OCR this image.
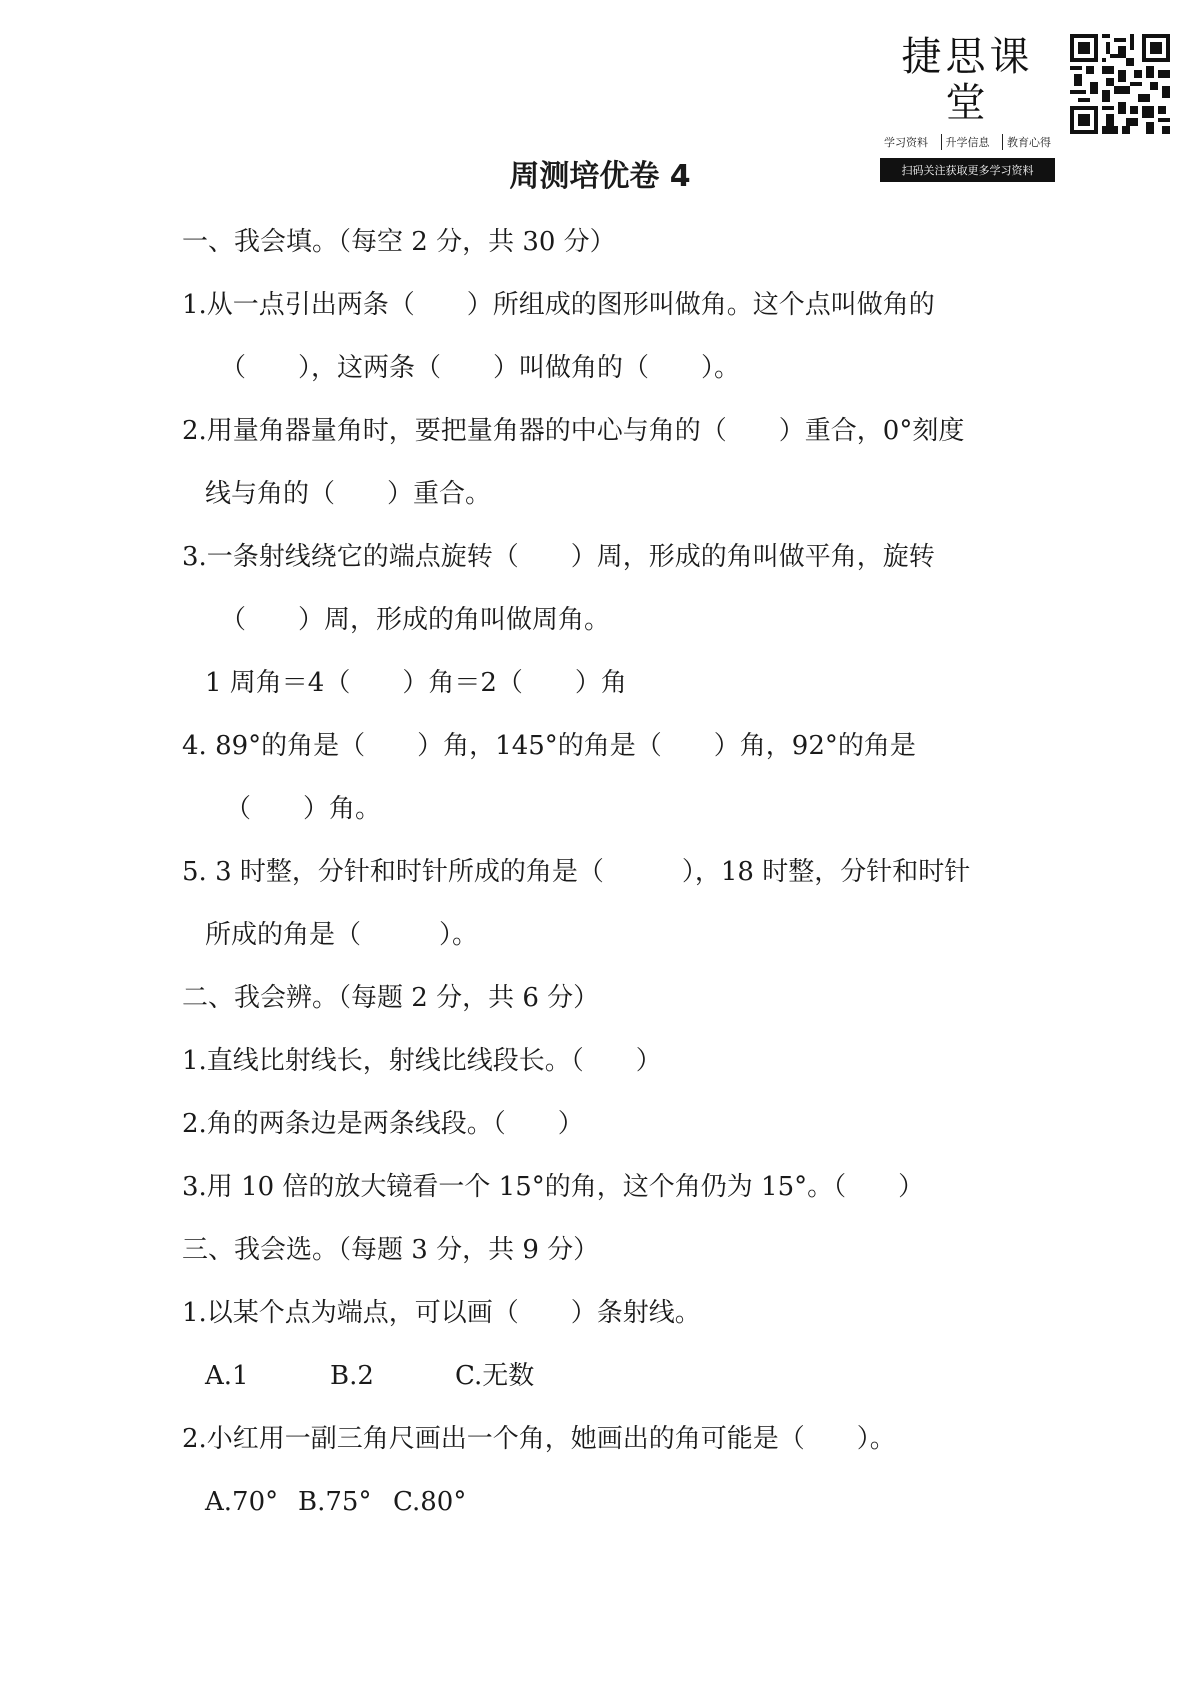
捷思课堂
学习资料	升学信息	教育心得
扫码关注获取更多学习资料
周测培优卷 4
一、我会填。（每空 2 分，共 30 分）
1.从一点引出两条（　　）所组成的图形叫做角。这个点叫做角的
（　　），这两条（　　）叫做角的（　　）。
2.用量角器量角时，要把量角器的中心与角的（　　）重合，0°刻度
线与角的（　　）重合。
3.一条射线绕它的端点旋转（　　）周，形成的角叫做平角，旋转
（　　）周，形成的角叫做周角。
1 周角＝4（　　）角＝2（　　）角
4. 89°的角是（　　）角，145°的角是（　　）角，92°的角是
（　　）角。
5. 3 时整，分针和时针所成的角是（　　　），18 时整，分针和时针
所成的角是（　　　）。
二、我会辨。（每题 2 分，共 6 分）
1.直线比射线长，射线比线段长。（　　）
2.角的两条边是两条线段。（　　）
3.用 10 倍的放大镜看一个 15°的角，这个角仍为 15°。（　　）
三、我会选。（每题 3 分，共 9 分）
1.以某个点为端点，可以画（　　）条射线。
A.1	B.2	C.无数
2.小红用一副三角尺画出一个角，她画出的角可能是（　　）。
A.70° B.75° C.80°
